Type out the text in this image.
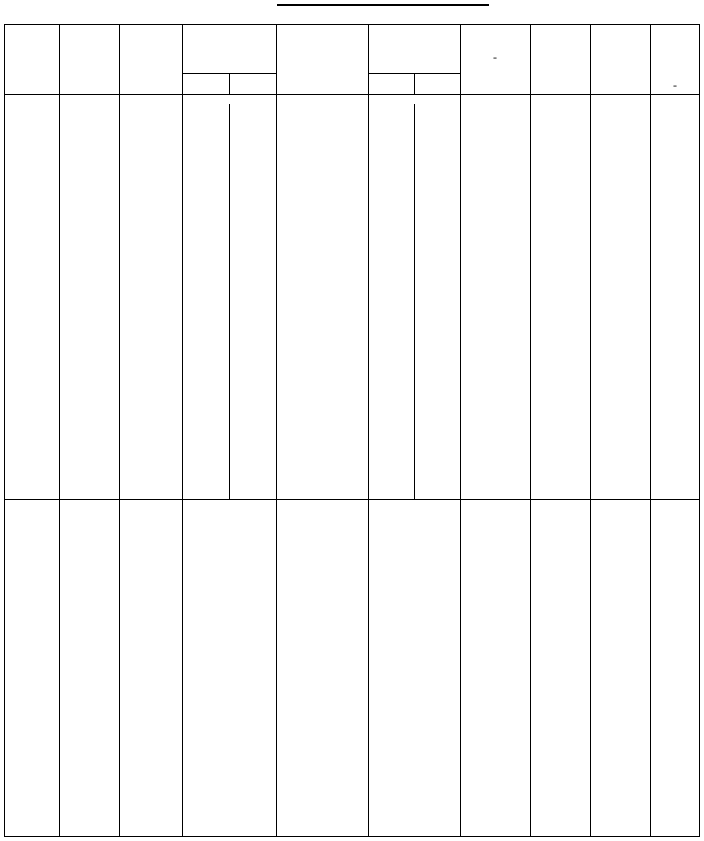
-
-
